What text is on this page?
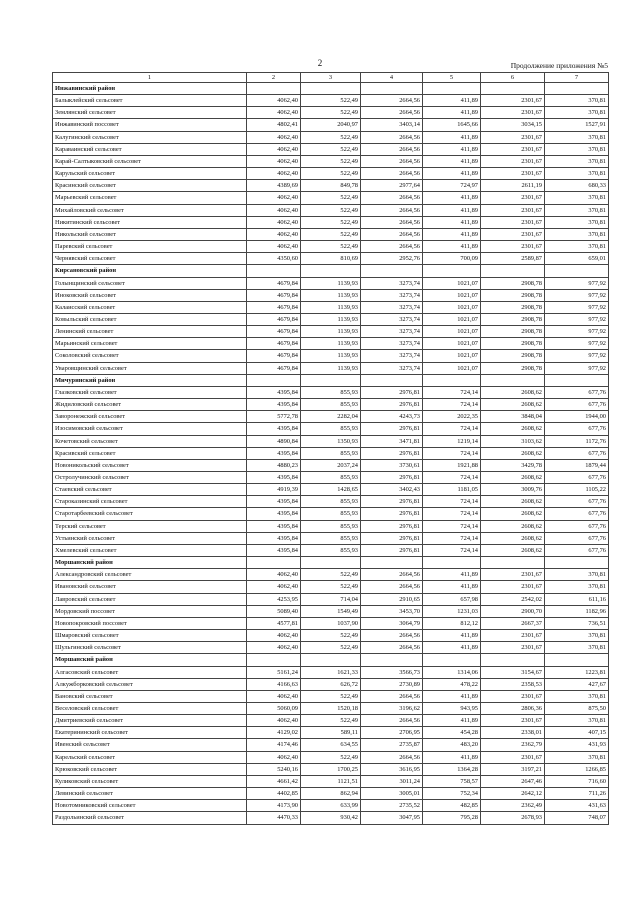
2	Продолжение приложения №5
1	2	3	4	5	6	7
Инжавинский район						
Балыклейский сельсовет	4062,40	522,49	2664,56	411,89	2301,67	370,81
Землянский сельсовет	4062,40	522,49	2664,56	411,89	2301,67	370,81
Инжавинский поссовет	4802,41	2040,97	3403,14	1645,66	3034,15	1527,91
Калугинский сельсовет	4062,40	522,49	2664,56	411,89	2301,67	370,81
Караваинский сельсовет	4062,40	522,49	2664,56	411,89	2301,67	370,81
Карай-Салтыковский сельсовет	4062,40	522,49	2664,56	411,89	2301,67	370,81
Карульский сельсовет	4062,40	522,49	2664,56	411,89	2301,67	370,81
Красинский сельсовет	4389,69	849,78	2977,64	724,97	2611,19	680,33
Марьевский сельсовет	4062,40	522,49	2664,56	411,89	2301,67	370,81
Михайловский сельсовет	4062,40	522,49	2664,56	411,89	2301,67	370,81
Никитинский сельсовет	4062,40	522,49	2664,56	411,89	2301,67	370,81
Никольский сельсовет	4062,40	522,49	2664,56	411,89	2301,67	370,81
Паревский сельсовет	4062,40	522,49	2664,56	411,89	2301,67	370,81
Чернявский сельсовет	4350,60	810,69	2952,76	700,09	2589,87	659,01
Кирсановский район						
Голынщинский сельсовет	4679,84	1139,93	3273,74	1021,07	2908,78	977,92
Иноковский сельсовет	4679,84	1139,93	3273,74	1021,07	2908,78	977,92
Калаисский сельсовет	4679,84	1139,93	3273,74	1021,07	2908,78	977,92
Ковыльский сельсовет	4679,84	1139,93	3273,74	1021,07	2908,78	977,92
Ленинский сельсовет	4679,84	1139,93	3273,74	1021,07	2908,78	977,92
Марьинский сельсовет	4679,84	1139,93	3273,74	1021,07	2908,78	977,92
Соколовский сельсовет	4679,84	1139,93	3273,74	1021,07	2908,78	977,92
Уваровщинский сельсовет	4679,84	1139,93	3273,74	1021,07	2908,78	977,92
Мичуринский район						
Глазковский сельсовет	4395,84	855,93	2976,81	724,14	2608,62	677,76
Жидиловский сельсовет	4395,84	855,93	2976,81	724,14	2608,62	677,76
Заворонежский сельсовет	5772,78	2282,04	4243,73	2022,35	3848,04	1944,00
Изосимовский сельсовет	4395,84	855,93	2976,81	724,14	2608,62	677,76
Кочетовский сельсовет	4890,84	1350,93	3471,81	1219,14	3103,62	1172,76
Красивский сельсовет	4395,84	855,93	2976,81	724,14	2608,62	677,76
Новоникольский сельсовет	4880,23	2037,24	3730,61	1921,88	3429,78	1879,44
Остролучинский сельсовет	4395,84	855,93	2976,81	724,14	2608,62	677,76
Стаевский сельсовет	4919,39	1428,65	3402,43	1181,05	3009,76	1105,22
Староказинский сельсовет	4395,84	855,93	2976,81	724,14	2608,62	677,76
Старотарбеевский сельсовет	4395,84	855,93	2976,81	724,14	2608,62	677,76
Терский сельсовет	4395,84	855,93	2976,81	724,14	2608,62	677,76
Устьинский сельсовет	4395,84	855,93	2976,81	724,14	2608,62	677,76
Хмелевский сельсовет	4395,84	855,93	2976,81	724,14	2608,62	677,76
Моршанский район						
Александровский сельсовет	4062,40	522,49	2664,56	411,89	2301,67	370,81
Ивановский сельсовет	4062,40	522,49	2664,56	411,89	2301,67	370,81
Лавровский сельсовет	4253,95	714,04	2910,65	657,98	2542,02	611,16
Мордовский поссовет	5089,40	1549,49	3453,70	1231,03	2900,70	1182,96
Новопокровский поссовет	4577,81	1037,90	3064,79	812,12	2667,37	736,51
Шмаровский сельсовет	4062,40	522,49	2664,56	411,89	2301,67	370,81
Шульгинский сельсовет	4062,40	522,49	2664,56	411,89	2301,67	370,81
Моршанский район						
Алгасовский сельсовет	5161,24	1621,33	3566,73	1314,06	3154,67	1223,81
Алкужборковский сельсовет	4166,63	626,72	2730,89	478,22	2358,53	427,67
Вановский сельсовет	4062,40	522,49	2664,56	411,89	2301,67	370,81
Веселовский сельсовет	5060,09	1520,18	3196,62	943,95	2806,36	875,50
Дмитриевский сельсовет	4062,40	522,49	2664,56	411,89	2301,67	370,81
Екатерининский сельсовет	4129,02	589,11	2706,95	454,28	2338,01	407,15
Ивенский сельсовет	4174,46	634,55	2735,87	483,20	2362,79	431,93
Карельский сельсовет	4062,40	522,49	2664,56	411,89	2301,67	370,81
Крюковский сельсовет	5240,16	1700,25	3616,95	1364,28	3197,21	1266,85
Куликовский сельсовет	4661,42	1121,51	3011,24	758,57	2647,46	716,60
Левинский сельсовет	4402,85	862,94	3005,01	752,34	2642,12	711,26
Новотомниковский сельсовет	4173,90	633,99	2735,52	482,85	2362,49	431,63
Раздольинский сельсовет	4470,33	930,42	3047,95	795,28	2678,93	748,07
